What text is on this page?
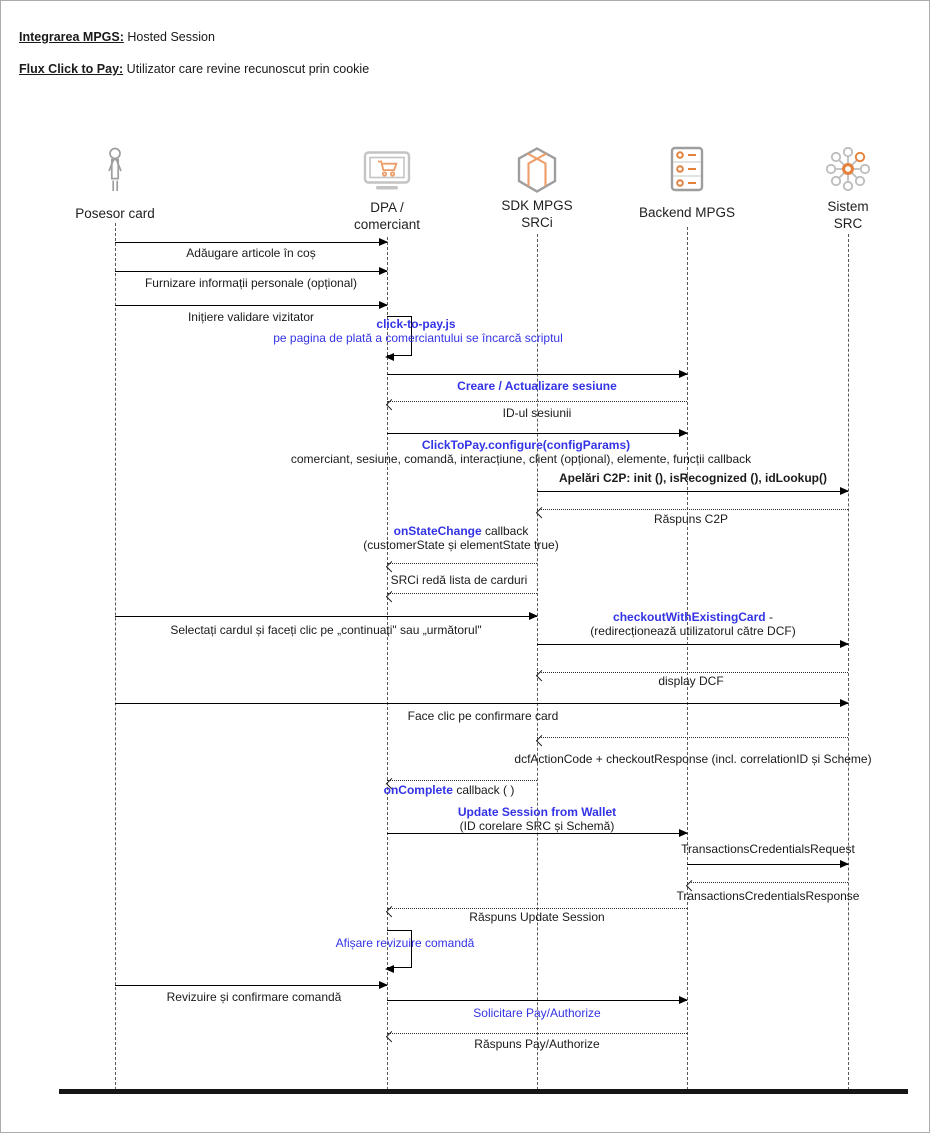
Integrarea MPGS: Hosted Session
Flux Click to Pay: Utilizator care revine recunoscut prin cookie
Posesor card	DPA /
comerciant
SDK MPGS
SRCi
Backend MPGS	Sistem
SRC
Adăugare articole în coș
Furnizare informații personale (opțional)
Inițiere validare vizitator
Creare / Actualizare sesiune
ID-ul sesiunii
ClickToPay.configure(configParams)
comerciant, sesiune, comandă, interacțiune, client (opțional), elemente, funcții callback
Apelări C2P: init (), isRecognized (), idLookup()
Răspuns C2P
onStateChange callback
(customerState și elementState true)
SRCi redă lista de carduri
Selectați cardul și faceți clic pe „continuați" sau „următorul"
checkoutWithExistingCard -
(redirecționează utilizatorul către DCF)
display DCF
Face clic pe confirmare card
dcfActionCode + checkoutResponse (incl. correlationID și Scheme)
onComplete callback ( )
Update Session from Wallet
(ID corelare SRC și Schemă)
TransactionsCredentialsRequest
TransactionsCredentialsResponse
Răspuns Update Session
Revizuire și confirmare comandă
Solicitare Pay/Authorize
Răspuns Pay/Authorize
click-to-pay.js
pe pagina de plată a comerciantului se încarcă scriptul
Afișare revizuire comandă
